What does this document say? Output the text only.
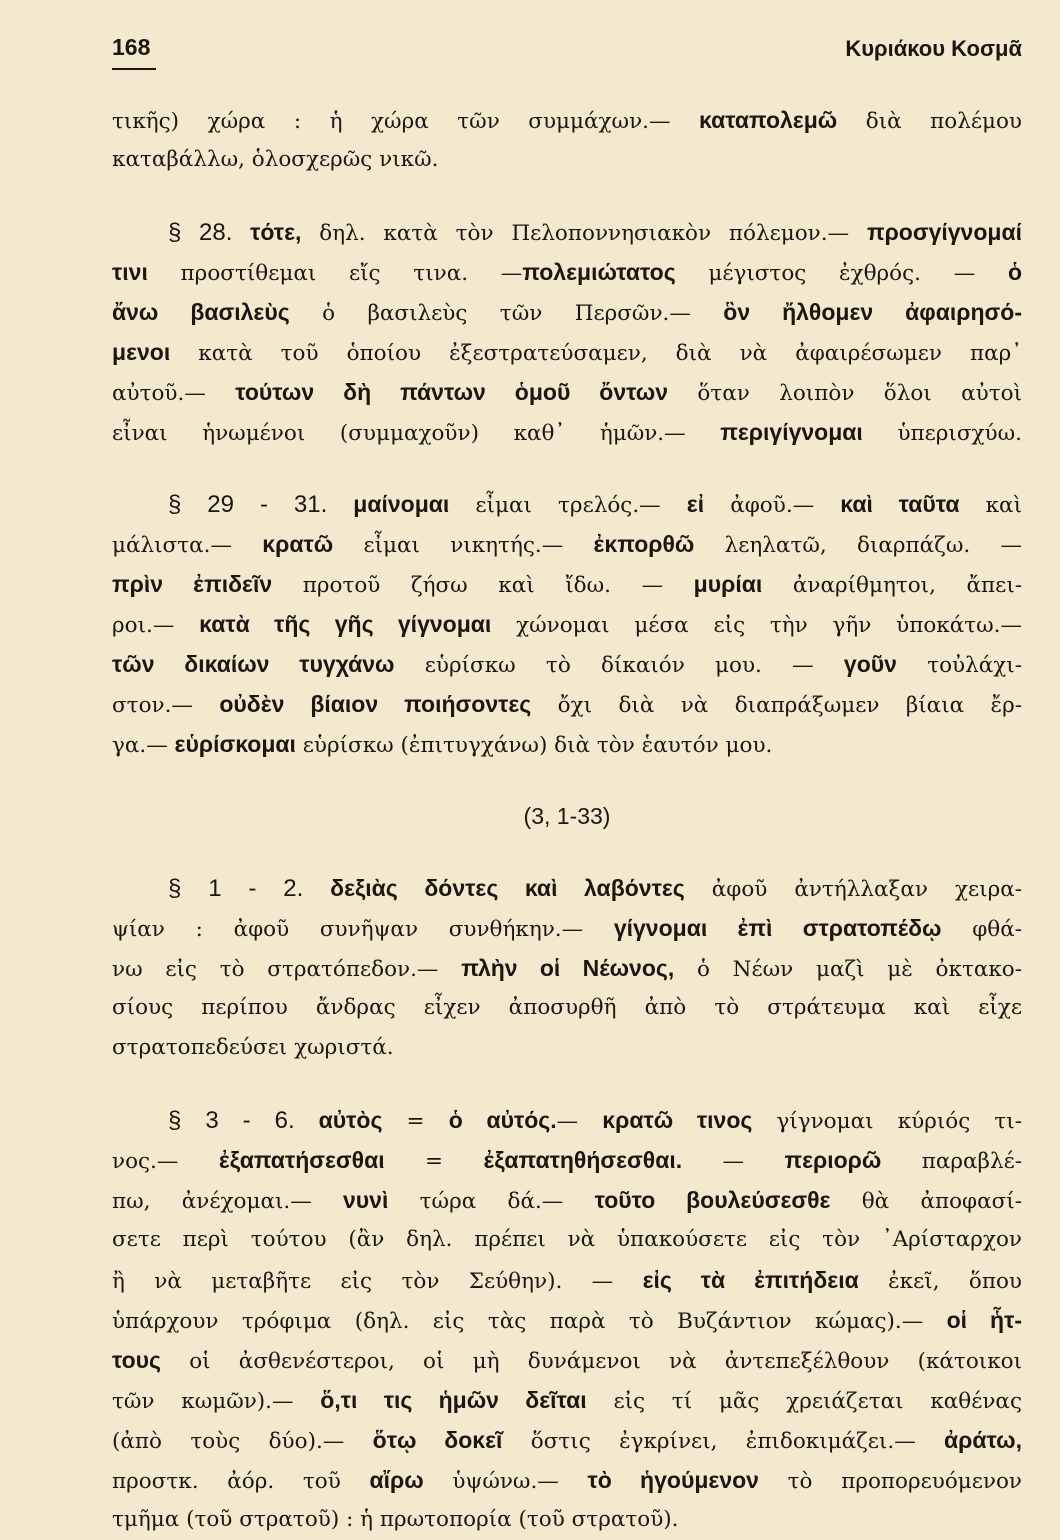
168	Κυριάκου Κοσμᾶ
τικῆς) χώρα : ἡ χώρα τῶν συμμάχων.— καταπολεμῶ διὰ πολέμου
καταβάλλω, ὁλοσχερῶς νικῶ.
§ 28. τότε, δηλ. κατὰ τὸν Πελοποννησιακὸν πόλεμον.— προσγίγνομαί
τινι προστίθεμαι εἴς τινα. —πολεμιώτατος μέγιστος ἐχθρός. — ὁ
ἄνω βασιλεὺς ὁ βασιλεὺς τῶν Περσῶν.— ὃν ἤλθομεν ἀφαιρησό-
μενοι κατὰ τοῦ ὁποίου ἐξεστρατεύσαμεν, διὰ νὰ ἀφαιρέσωμεν παρ᾿
αὐτοῦ.— τούτων δὴ πάντων ὁμοῦ ὄντων ὅταν λοιπὸν ὅλοι αὐτοὶ
εἶναι ἡνωμένοι (συμμαχοῦν) καθ᾿ ἡμῶν.— περιγίγνομαι ὑπερισχύω.
§ 29 - 31. μαίνομαι εἶμαι τρελός.— εἰ ἀφοῦ.— καὶ ταῦτα καὶ
μάλιστα.— κρατῶ εἶμαι νικητής.— ἐκπορθῶ λεηλατῶ, διαρπάζω. —
πρὶν ἐπιδεῖν προτοῦ ζήσω καὶ ἴδω. — μυρίαι ἀναρίθμητοι, ἄπει-
ροι.— κατὰ τῆς γῆς γίγνομαι χώνομαι μέσα εἰς τὴν γῆν ὑποκάτω.—
τῶν δικαίων τυγχάνω εὑρίσκω τὸ δίκαιόν μου. — γοῦν τοὐλάχι-
στον.— οὐδὲν βίαιον ποιήσοντες ὄχι διὰ νὰ διαπράξωμεν βίαια ἔρ-
γα.— εὑρίσκομαι εὑρίσκω (ἐπιτυγχάνω) διὰ τὸν ἑαυτόν μου.
(3, 1-33)
§ 1 - 2. δεξιὰς δόντες καὶ λαβόντες ἀφοῦ ἀντήλλαξαν χειρα-
ψίαν : ἀφοῦ συνῆψαν συνθήκην.— γίγνομαι ἐπὶ στρατοπέδῳ φθά-
νω εἰς τὸ στρατόπεδον.— πλὴν οἱ Νέωνος, ὁ Νέων μαζὶ μὲ ὀκτακο-
σίους περίπου ἄνδρας εἶχεν ἀποσυρθῆ ἀπὸ τὸ στράτευμα καὶ εἶχε
στρατοπεδεύσει χωριστά.
§ 3 - 6. αὐτὸς = ὁ αὐτός.— κρατῶ τινος γίγνομαι κύριός τι-
νος.— ἐξαπατήσεσθαι = ἐξαπατηθήσεσθαι. — περιορῶ παραβλέ-
πω, ἀνέχομαι.— νυνὶ τώρα δά.— τοῦτο βουλεύσεσθε θὰ ἀποφασί-
σετε περὶ τούτου (ἂν δηλ. πρέπει νὰ ὑπακούσετε εἰς τὸν ᾿Αρίσταρχον
ἢ νὰ μεταβῆτε εἰς τὸν Σεύθην). — εἰς τὰ ἐπιτήδεια ἐκεῖ, ὅπου
ὑπάρχουν τρόφιμα (δηλ. εἰς τὰς παρὰ τὸ Βυζάντιον κώμας).— οἱ ἧτ-
τους οἱ ἀσθενέστεροι, οἱ μὴ δυνάμενοι νὰ ἀντεπεξέλθουν (κάτοικοι
τῶν κωμῶν).— ὅ,τι τις ἡμῶν δεῖται εἰς τί μᾶς χρειάζεται καθένας
(ἀπὸ τοὺς δύο).— ὅτῳ δοκεῖ ὅστις ἐγκρίνει, ἐπιδοκιμάζει.— ἀράτω,
προστκ. ἀόρ. τοῦ αἴρω ὑψώνω.— τὸ ἡγούμενον τὸ προπορευόμενον
τμῆμα (τοῦ στρατοῦ) : ἡ πρωτοπορία (τοῦ στρατοῦ).
